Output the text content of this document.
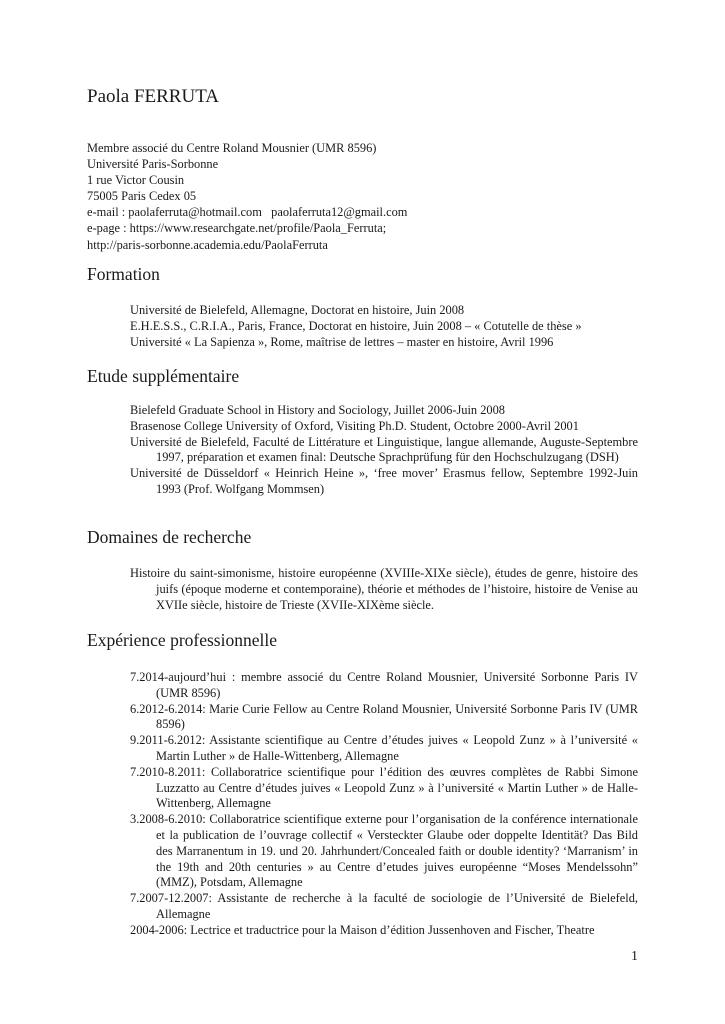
Paola FERRUTA
Membre associé du Centre Roland Mousnier (UMR 8596)
Université Paris-Sorbonne
1 rue Victor Cousin
75005 Paris Cedex 05
e-mail : paolaferruta@hotmail.com   paolaferruta12@gmail.com
e-page : https://www.researchgate.net/profile/Paola_Ferruta;
http://paris-sorbonne.academia.edu/PaolaFerruta
Formation
Université de Bielefeld, Allemagne, Doctorat en histoire, Juin 2008
E.H.E.S.S., C.R.I.A., Paris, France, Doctorat en histoire, Juin 2008 – « Cotutelle de thèse »
Université « La Sapienza », Rome, maîtrise de lettres – master en histoire, Avril 1996
Etude supplémentaire
Bielefeld Graduate School in History and Sociology, Juillet 2006-Juin 2008
Brasenose College University of Oxford, Visiting Ph.D. Student, Octobre 2000-Avril 2001
Université de Bielefeld, Faculté de Littérature et Linguistique, langue allemande, Auguste-Septembre 1997, préparation et examen final: Deutsche Sprachprüfung für den Hochschulzugang (DSH)
Université de Düsseldorf « Heinrich Heine », ‘free mover’ Erasmus fellow, Septembre 1992-Juin 1993 (Prof. Wolfgang Mommsen)
Domaines de recherche
Histoire du saint-simonisme, histoire européenne (XVIIIe-XIXe siècle), études de genre, histoire des juifs (époque moderne et contemporaine), théorie et méthodes de l’histoire, histoire de Venise au XVIIe siècle, histoire de Trieste (XVIIe-XIXème siècle.
Expérience professionnelle
7.2014-aujourd’hui : membre associé du Centre Roland Mousnier, Université Sorbonne Paris IV (UMR 8596)
6.2012-6.2014: Marie Curie Fellow au Centre Roland Mousnier, Université Sorbonne Paris IV (UMR 8596)
9.2011-6.2012: Assistante scientifique au Centre d’études juives « Leopold Zunz » à l’université « Martin Luther » de Halle-Wittenberg, Allemagne
7.2010-8.2011: Collaboratrice scientifique pour l’édition des œuvres complètes de Rabbi Simone Luzzatto au Centre d’études juives « Leopold Zunz » à l’université « Martin Luther » de Halle-Wittenberg, Allemagne
3.2008-6.2010: Collaboratrice scientifique externe pour l’organisation de la conférence internationale et la publication de l’ouvrage collectif « Versteckter Glaube oder doppelte Identität? Das Bild des Marranentum in 19. und 20. Jahrhundert/Concealed faith or double identity? ‘Marranism’ in the 19th and 20th centuries » au Centre d’etudes juives européenne “Moses Mendelssohn” (MMZ), Potsdam, Allemagne
7.2007-12.2007: Assistante de recherche à la faculté de sociologie de l’Université de Bielefeld, Allemagne
2004-2006: Lectrice et traductrice pour la Maison d’édition Jussenhoven and Fischer, Theatre
1
